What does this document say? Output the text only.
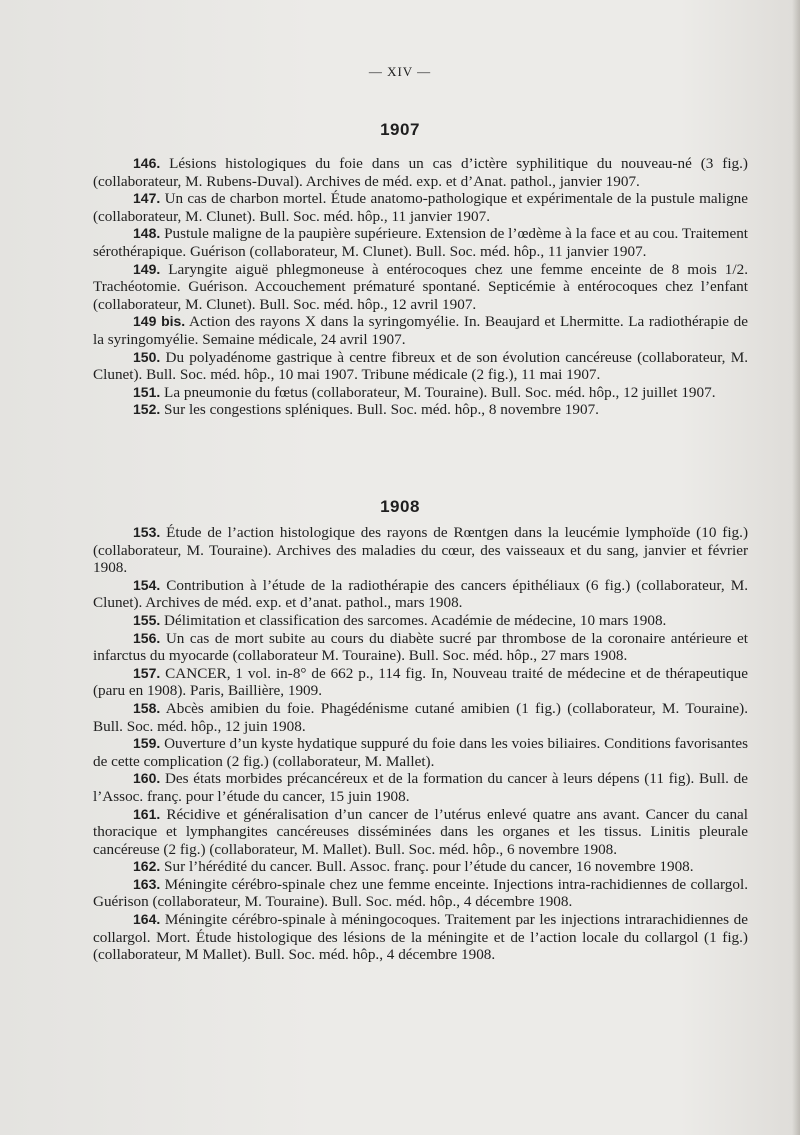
— XIV —
1907

146. Lésions histologiques du foie dans un cas d’ictère syphilitique du nouveau-né (3 fig.) (collaborateur, M. Rubens-Duval). Archives de méd. exp. et d’Anat. pathol., janvier 1907.

147. Un cas de charbon mortel. Étude anatomo-pathologique et expérimentale de la pustule maligne (collaborateur, M. Clunet). Bull. Soc. méd. hôp., 11 janvier 1907.

148. Pustule maligne de la paupière supérieure. Extension de l’œdème à la face et au cou. Traitement sérothérapique. Guérison (collaborateur, M. Clunet). Bull. Soc. méd. hôp., 11 janvier 1907.

149. Laryngite aiguë phlegmoneuse à entérocoques chez une femme enceinte de 8 mois 1/2. Trachéotomie. Guérison. Accouchement prématuré spontané. Septicémie à entérocoques chez l’enfant (collaborateur, M. Clunet). Bull. Soc. méd. hôp., 12 avril 1907.

149 bis. Action des rayons X dans la syringomyélie. In. Beaujard et Lhermitte. La radiothérapie de la syringomyélie. Semaine médicale, 24 avril 1907.

150. Du polyadénome gastrique à centre fibreux et de son évolution cancéreuse (collaborateur, M. Clunet). Bull. Soc. méd. hôp., 10 mai 1907. Tribune médicale (2 fig.), 11 mai 1907.

151. La pneumonie du fœtus (collaborateur, M. Touraine). Bull. Soc. méd. hôp., 12 juillet 1907.

152. Sur les congestions spléniques. Bull. Soc. méd. hôp., 8 novembre 1907.

1908

153. Étude de l’action histologique des rayons de Rœntgen dans la leucémie lymphoïde (10 fig.) (collaborateur, M. Touraine). Archives des maladies du cœur, des vaisseaux et du sang, janvier et février 1908.

154. Contribution à l’étude de la radiothérapie des cancers épithéliaux (6 fig.) (collaborateur, M. Clunet). Archives de méd. exp. et d’anat. pathol., mars 1908.

155. Délimitation et classification des sarcomes. Académie de médecine, 10 mars 1908.

156. Un cas de mort subite au cours du diabète sucré par thrombose de la coronaire antérieure et infarctus du myocarde (collaborateur M. Touraine). Bull. Soc. méd. hôp., 27 mars 1908.

157. CANCER, 1 vol. in-8° de 662 p., 114 fig. In, Nouveau traité de médecine et de thérapeutique (paru en 1908). Paris, Baillière, 1909.

158. Abcès amibien du foie. Phagédénisme cutané amibien (1 fig.) (collaborateur, M. Touraine). Bull. Soc. méd. hôp., 12 juin 1908.

159. Ouverture d’un kyste hydatique suppuré du foie dans les voies biliaires. Conditions favorisantes de cette complication (2 fig.) (collaborateur, M. Mallet).

160. Des états morbides précancéreux et de la formation du cancer à leurs dépens (11 fig). Bull. de l’Assoc. franç. pour l’étude du cancer, 15 juin 1908.

161. Récidive et généralisation d’un cancer de l’utérus enlevé quatre ans avant. Cancer du canal thoracique et lymphangites cancéreuses disséminées dans les organes et les tissus. Linitis pleurale cancéreuse (2 fig.) (collaborateur, M. Mallet). Bull. Soc. méd. hôp., 6 novembre 1908.

162. Sur l’hérédité du cancer. Bull. Assoc. franç. pour l’étude du cancer, 16 novembre 1908.

163. Méningite cérébro-spinale chez une femme enceinte. Injections intra-rachidiennes de collargol. Guérison (collaborateur, M. Touraine). Bull. Soc. méd. hôp., 4 décembre 1908.

164. Méningite cérébro-spinale à méningocoques. Traitement par les injections intrarachidiennes de collargol. Mort. Étude histologique des lésions de la méningite et de l’action locale du collargol (1 fig.) (collaborateur, M Mallet). Bull. Soc. méd. hôp., 4 décembre 1908.
